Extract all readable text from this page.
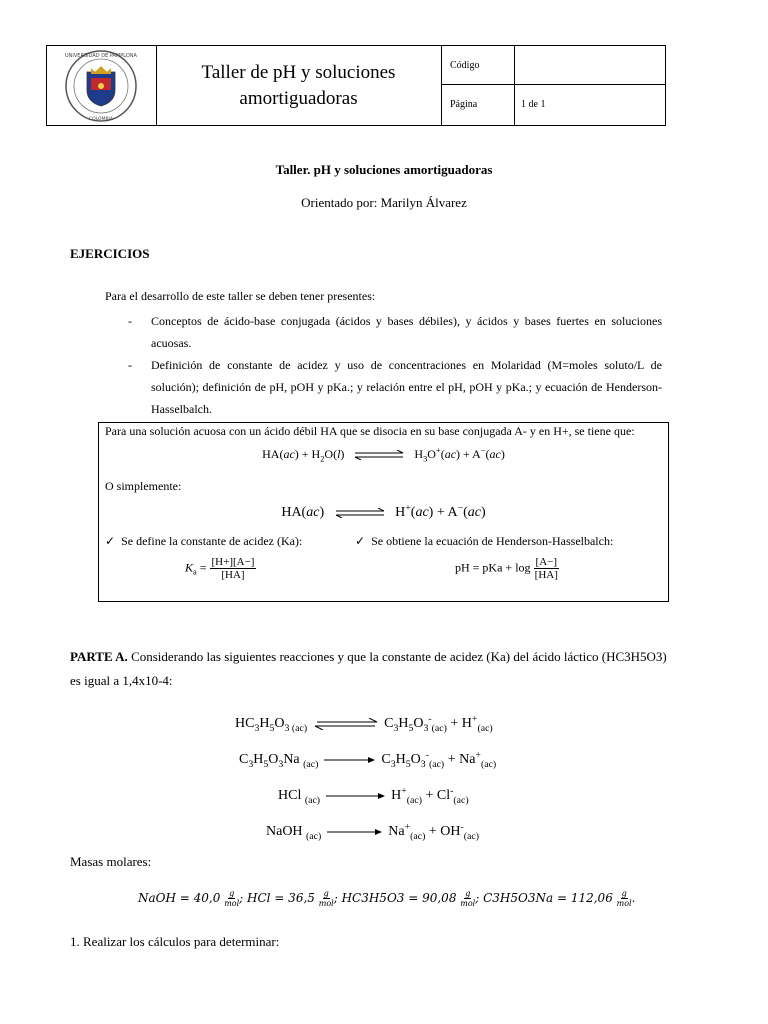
UNIVERSIDAD DE PAMPLONA
COLOMBIA
Taller de pH y soluciones
amortiguadoras
Código
Página	1 de 1
Taller. pH y soluciones amortiguadoras
Orientado por: Marilyn Álvarez
EJERCICIOS
Para el desarrollo de este taller se deben tener presentes:
- Conceptos de ácido-base conjugada (ácidos y bases débiles), y ácidos y bases fuertes en soluciones acuosas.
- Definición de constante de acidez y uso de concentraciones en Molaridad (M=moles soluto/L de solución); definición de pH, pOH y pKa.; y relación entre el pH, pOH y pKa.; y ecuación de Henderson-Hasselbalch.
Para una solución acuosa con un ácido débil HA que se disocia en su base conjugada A- y en H+, se tiene que:
$HA(ac) + H_2O(l)$	$H_3O^+(ac) + A^-(ac)$
O simplemente:
HA(ac) ⇌ H+(ac) + A−(ac)
✓ Se define la constante de acidez (Ka):	✓ Se obtiene la ecuación de Henderson-Hasselbalch:
$K_a = \frac{[H+][A-]}{[HA]}$	pH = pKa + $\log \frac{[A-]}{[HA]}$
PARTE A. Considerando las siguientes reacciones y que la constante de acidez (Ka) del ácido láctico (HC3H5O3) es igual a 1,4x10-4:
$HC_3H_5O_{3 (ac)}$	$C_3H_5O_3^-_{(ac)} + H^+_{(ac)}$
$C_3H_5O_3Na$ $_{(ac)}$	$C_3H_5O_3^-_{(ac)} + Na^+_{(ac)}$
HCl $_{(ac)}$	$H^+_{(ac)} + Cl^-_{(ac)}$
NaOH $_{(ac)}$	$Na^+_{(ac)} + OH^-_{(ac)}$
Masas molares:
NaOH = 40,0 g
mol ; HCl = 36,5 g
mol ; HC3H5O3 = 90,08 g
mol ; C3H5O3Na = 112,06 g
mol .
1. Realizar los cálculos para determinar:
